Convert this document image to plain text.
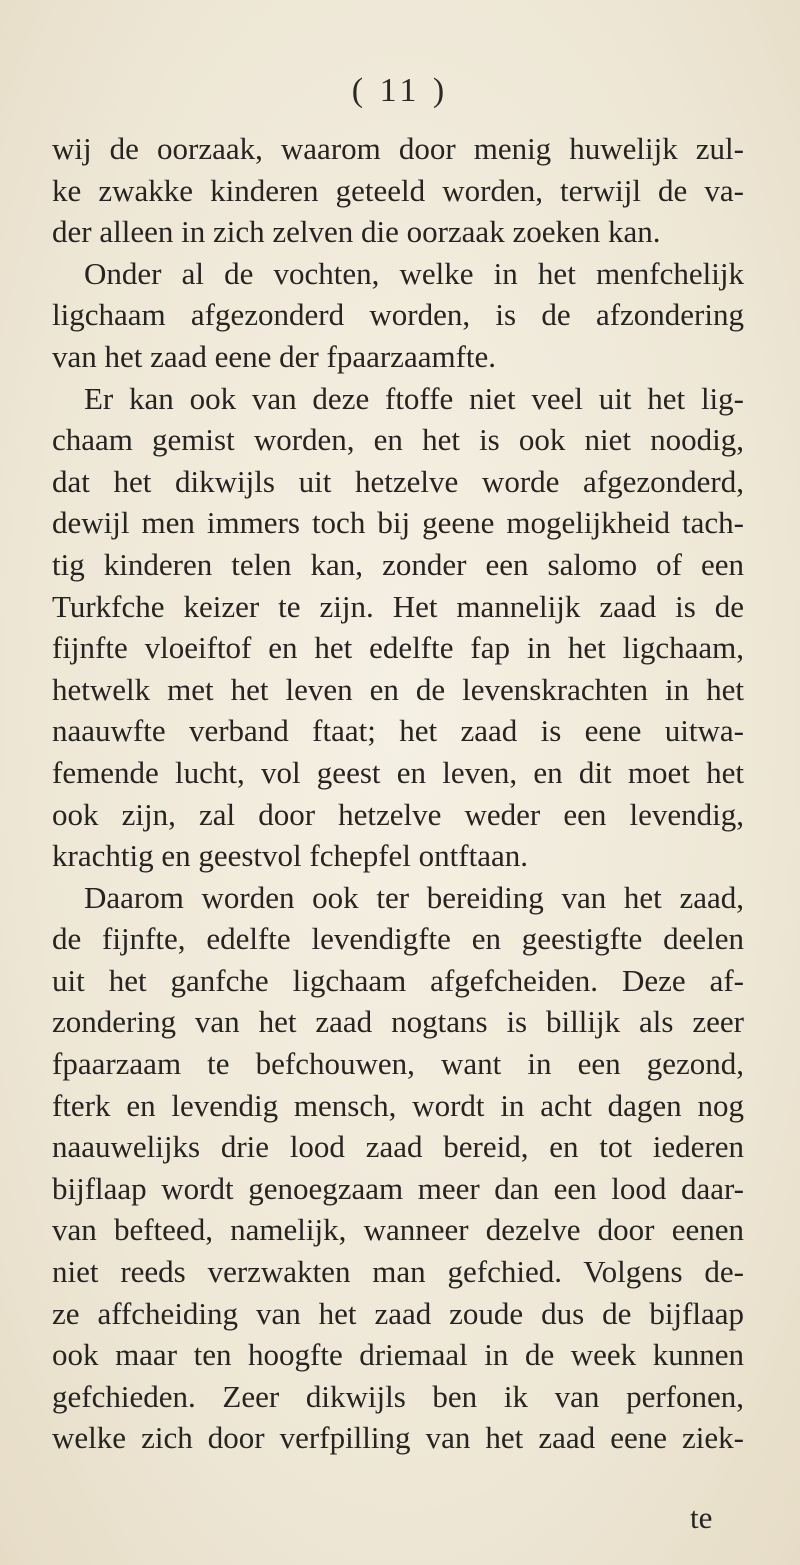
( 11 )
wij de oorzaak, waarom door menig huwelijk zul-
ke zwakke kinderen geteeld worden, terwijl de va-
der alleen in zich zelven die oorzaak zoeken kan.
Onder al de vochten, welke in het menfchelijk
ligchaam afgezonderd worden, is de afzondering
van het zaad eene der fpaarzaamfte.
Er kan ook van deze ftoffe niet veel uit het lig-
chaam gemist worden, en het is ook niet noodig,
dat het dikwijls uit hetzelve worde afgezonderd,
dewijl men immers toch bij geene mogelijkheid tach-
tig kinderen telen kan, zonder een salomo of een
Turkfche keizer te zijn. Het mannelijk zaad is de
fijnfte vloeiftof en het edelfte fap in het ligchaam,
hetwelk met het leven en de levenskrachten in het
naauwfte verband ftaat; het zaad is eene uitwa-
femende lucht, vol geest en leven, en dit moet het
ook zijn, zal door hetzelve weder een levendig,
krachtig en geestvol fchepfel ontftaan.
Daarom worden ook ter bereiding van het zaad,
de fijnfte, edelfte levendigfte en geestigfte deelen
uit het ganfche ligchaam afgefcheiden. Deze af-
zondering van het zaad nogtans is billijk als zeer
fpaarzaam te befchouwen, want in een gezond,
fterk en levendig mensch, wordt in acht dagen nog
naauwelijks drie lood zaad bereid, en tot iederen
bijflaap wordt genoegzaam meer dan een lood daar-
van befteed, namelijk, wanneer dezelve door eenen
niet reeds verzwakten man gefchied. Volgens de-
ze affcheiding van het zaad zoude dus de bijflaap
ook maar ten hoogfte driemaal in de week kunnen
gefchieden. Zeer dikwijls ben ik van perfonen,
welke zich door verfpilling van het zaad eene ziek-
te
